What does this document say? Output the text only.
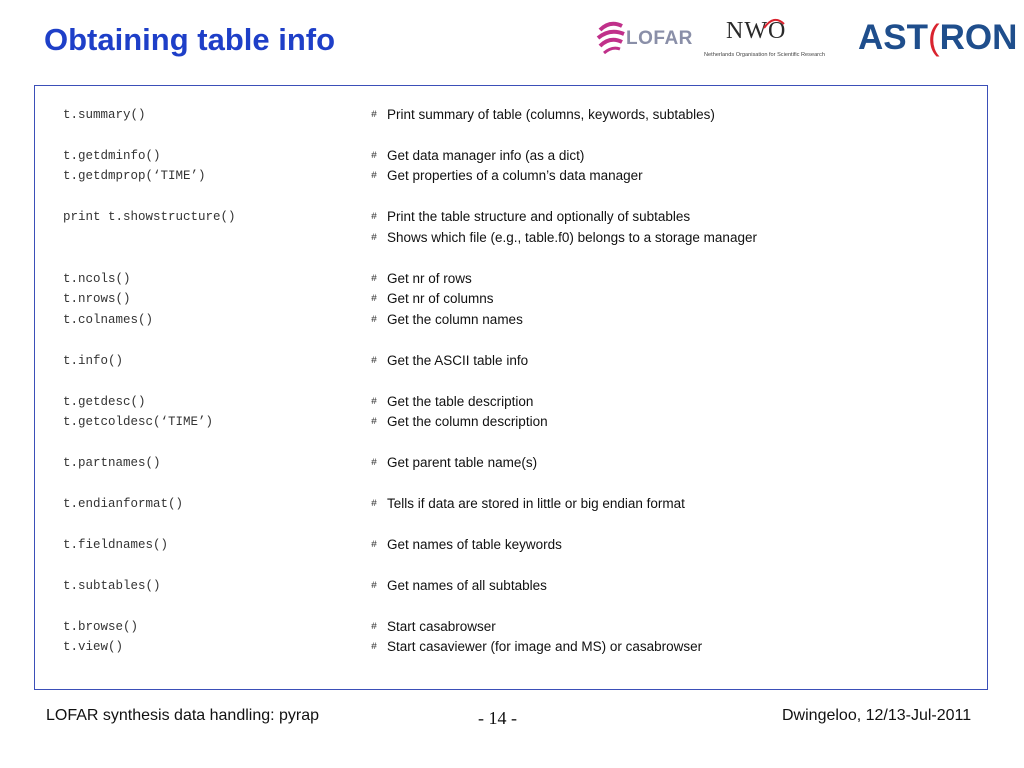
Obtaining table info	LOFAR NWO
Netherlands Organisation for Scientific Research AST(RON
t.summary()	# Print summary of table (columns, keywords, subtables)
t.getdminfo()	# Get data manager info (as a dict)
t.getdmprop(‘TIME’)	# Get properties of a column’s data manager
print t.showstructure()	# Print the table structure and optionally of subtables
# Shows which file (e.g., table.f0) belongs to a storage manager
t.ncols()	# Get nr of rows
t.nrows()	# Get nr of columns
t.colnames()	# Get the column names
t.info()	# Get the ASCII table info
t.getdesc()	# Get the table description
t.getcoldesc(‘TIME’)	# Get the column description
t.partnames()	# Get parent table name(s)
t.endianformat()	# Tells if data are stored in little or big endian format
t.fieldnames()	# Get names of table keywords
t.subtables()	# Get names of all subtables
t.browse()	# Start casabrowser
t.view()	# Start casaviewer (for image and MS) or casabrowser
LOFAR synthesis data handling: pyrap	- 14 -	Dwingeloo, 12/13-Jul-2011
